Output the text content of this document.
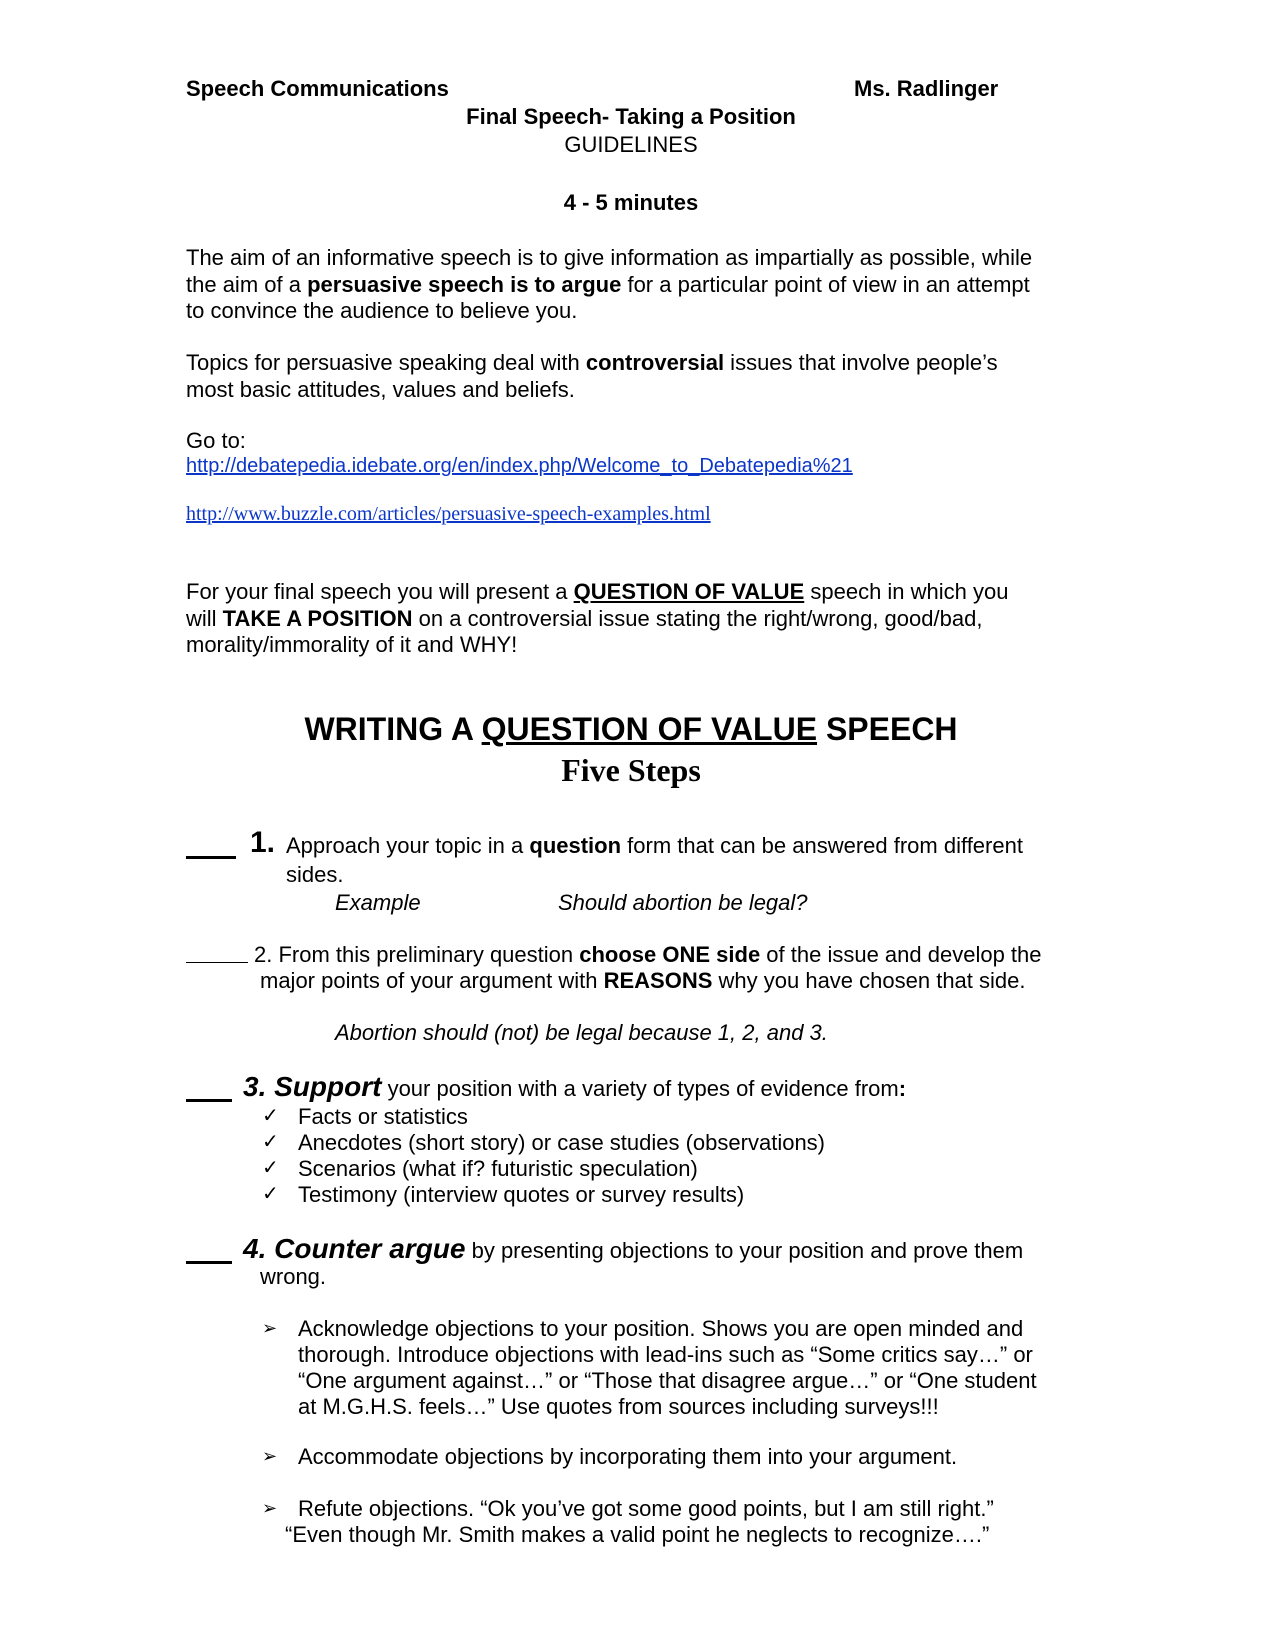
Speech Communications	Ms. Radlinger
Final Speech- Taking a Position
GUIDELINES
4 - 5 minutes

The aim of an informative speech is to give information as impartially as possible, while

the aim of a persuasive speech is to argue for a particular point of view in an attempt

to convince the audience to believe you.

Topics for persuasive speaking deal with controversial issues that involve people’s

most basic attitudes, values and beliefs.

Go to:
http://debatepedia.idebate.org/en/index.php/Welcome_to_Debatepedia%21
http://www.buzzle.com/articles/persuasive-speech-examples.html

For your final speech you will present a QUESTION OF VALUE speech in which you

will TAKE A POSITION on a controversial issue stating the right/wrong, good/bad,

morality/immorality of it and WHY!

WRITING A QUESTION OF VALUE SPEECH
Five Steps
1. Approach your topic in a question form that can be answered from different
sides.
Example	Should abortion be legal?
2. From this preliminary question choose ONE side of the issue and develop the
major points of your argument with REASONS why you have chosen that side.
Abortion should (not) be legal because 1, 2, and 3.
3. Support your position with a variety of types of evidence from:
✓ Facts or statistics
✓ Anecdotes (short story) or case studies (observations)
✓ Scenarios (what if? futuristic speculation)
✓ Testimony (interview quotes or survey results)
4. Counter argue by presenting objections to your position and prove them
wrong.
➢ Acknowledge objections to your position. Shows you are open minded and
thorough. Introduce objections with lead-ins such as “Some critics say…” or
“One argument against…” or “Those that disagree argue…” or “One student
at M.G.H.S. feels…” Use quotes from sources including surveys!!!
➢ Accommodate objections by incorporating them into your argument.
➢ Refute objections. “Ok you’ve got some good points, but I am still right.”
“Even though Mr. Smith makes a valid point he neglects to recognize….”
